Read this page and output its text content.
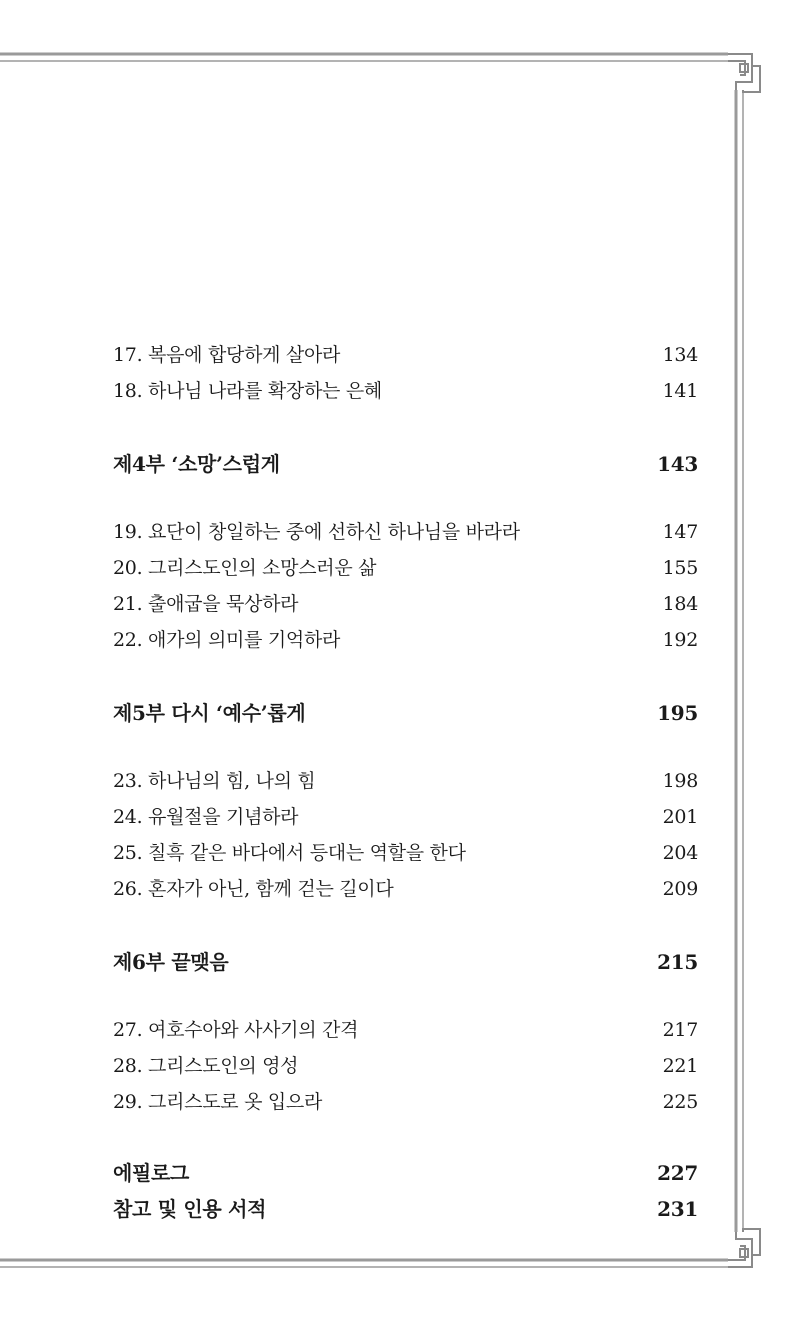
17. 복음에 합당하게 살아라	134
18. 하나님 나라를 확장하는 은혜	141
제4부 ‘소망’스럽게	143
19. 요단이 창일하는 중에 선하신 하나님을 바라라	147
20. 그리스도인의 소망스러운 삶	155
21. 출애굽을 묵상하라	184
22. 애가의 의미를 기억하라	192
제5부 다시 ‘예수’롭게	195
23. 하나님의 힘, 나의 힘	198
24. 유월절을 기념하라	201
25. 칠흑 같은 바다에서 등대는 역할을 한다	204
26. 혼자가 아닌, 함께 걷는 길이다	209
제6부 끝맺음	215
27. 여호수아와 사사기의 간격	217
28. 그리스도인의 영성	221
29. 그리스도로 옷 입으라	225
에필로그	227
참고 및 인용 서적	231
